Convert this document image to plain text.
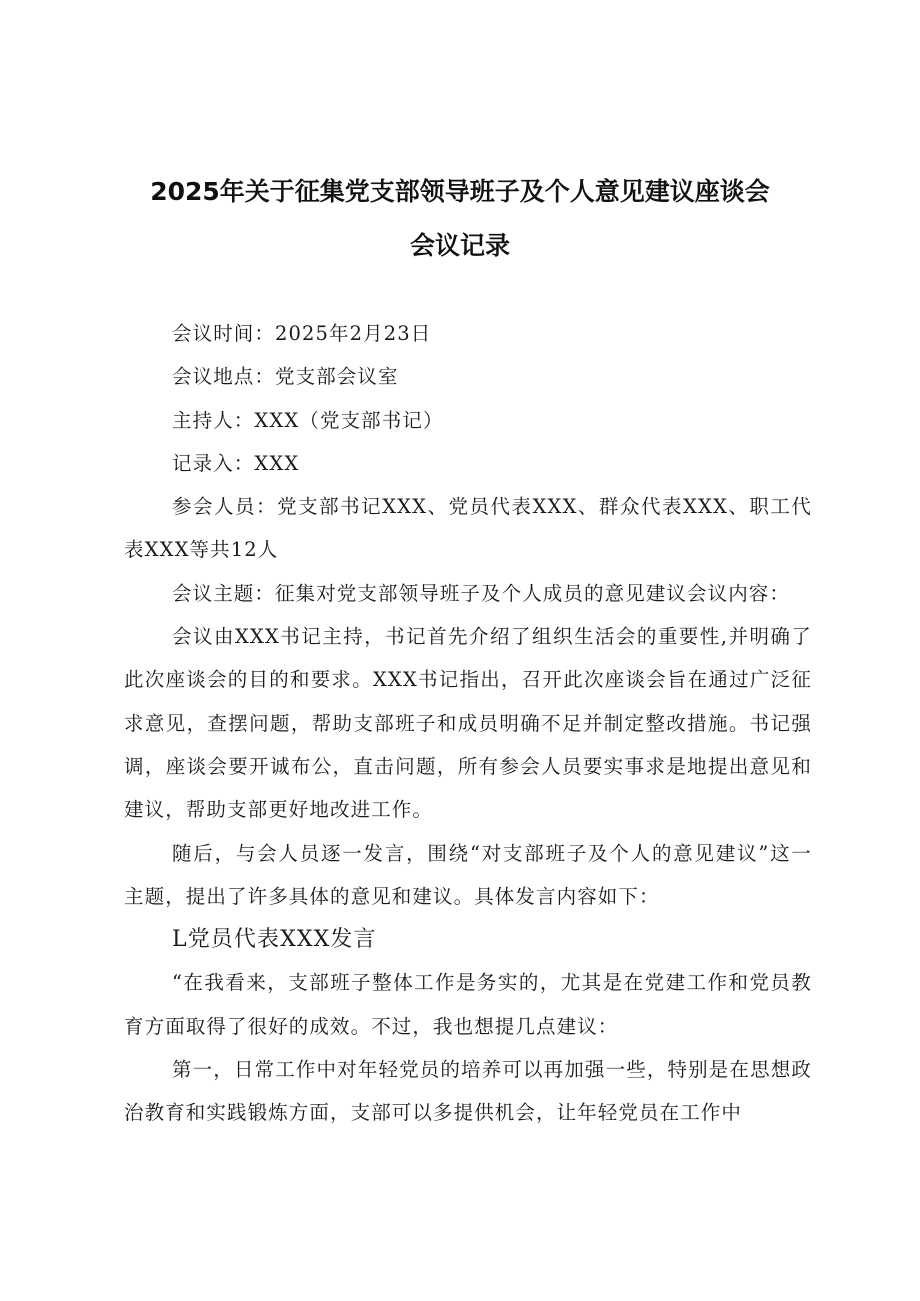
2025年关于征集党支部领导班子及个人意见建议座谈会
会议记录

会议时间：2025年2月23日

会议地点：党支部会议室

主持人：XXX（党支部书记）

记录入：XXX

参会人员：党支部书记XXX、党员代表XXX、群众代表XXX、职工代表XXX等共12人

会议主题：征集对党支部领导班子及个人成员的意见建议会议内容：

会议由XXX书记主持，书记首先介绍了组织生活会的重要性,并明确了此次座谈会的目的和要求。XXX书记指出，召开此次座谈会旨在通过广泛征求意见，查摆问题，帮助支部班子和成员明确不足并制定整改措施。书记强调，座谈会要开诚布公，直击问题，所有参会人员要实事求是地提出意见和建议，帮助支部更好地改进工作。

随后，与会人员逐一发言，围绕“对支部班子及个人的意见建议”这一主题，提出了许多具体的意见和建议。具体发言内容如下：

L党员代表XXX发言

“在我看来，支部班子整体工作是务实的，尤其是在党建工作和党员教育方面取得了很好的成效。不过，我也想提几点建议：

第一，日常工作中对年轻党员的培养可以再加强一些，特别是在思想政治教育和实践锻炼方面，支部可以多提供机会，让年轻党员在工作中
